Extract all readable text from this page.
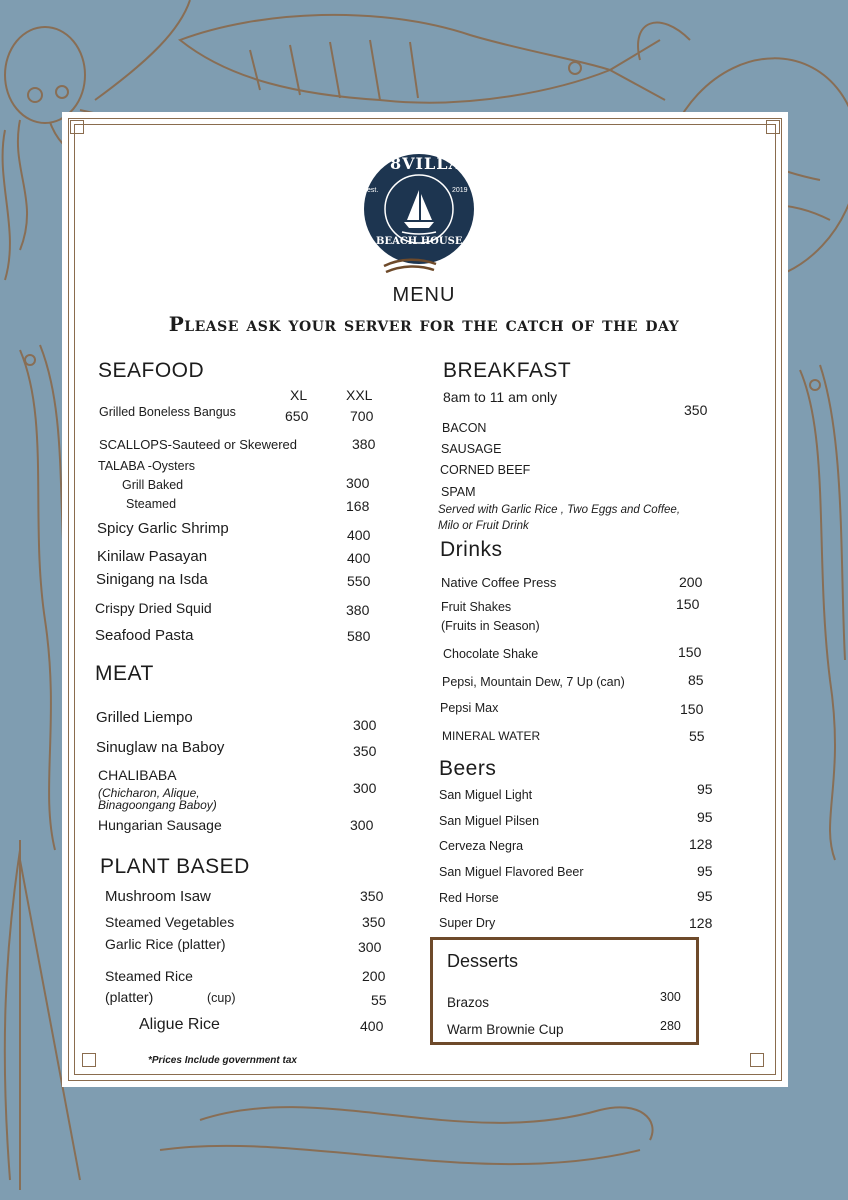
8VILLA
est.	2019
BEACH HOUSE
MENU
Please ask your server for the catch of the day
SEAFOOD
XL	XXL
Grilled Boneless Bangus	650	700
SCALLOPS-Sauteed or Skewered	380
TALABA -Oysters
Grill Baked	300
Steamed	168
Spicy Garlic Shrimp	400
Kinilaw Pasayan	400
Sinigang na Isda	550
Crispy Dried Squid	380
Seafood Pasta	580
MEAT
Grilled Liempo	300
Sinuglaw na Baboy	350
CHALIBABA
(Chicharon, Alique,
Binagoongang Baboy)
300
Hungarian Sausage	300
PLANT BASED
Mushroom Isaw	350
Steamed Vegetables	350
Garlic Rice (platter)	300
Steamed Rice	200
(platter)	(cup)	55
Aligue Rice	400
*Prices Include government tax
BREAKFAST
8am to 11 am only
350
BACON
SAUSAGE
CORNED BEEF
SPAM
Served with Garlic Rice , Two Eggs and Coffee,
Milo or Fruit Drink
Drinks
Native Coffee Press	200
Fruit Shakes
(Fruits in Season)
150
Chocolate Shake	150
Pepsi, Mountain Dew, 7 Up (can)	85
Pepsi Max	150
MINERAL WATER	55
Beers
San Miguel Light	95
San Miguel Pilsen	95
Cerveza Negra	128
San Miguel Flavored Beer	95
Red Horse	95
Super Dry	128
Desserts
Brazos	300
Warm Brownie Cup	280
